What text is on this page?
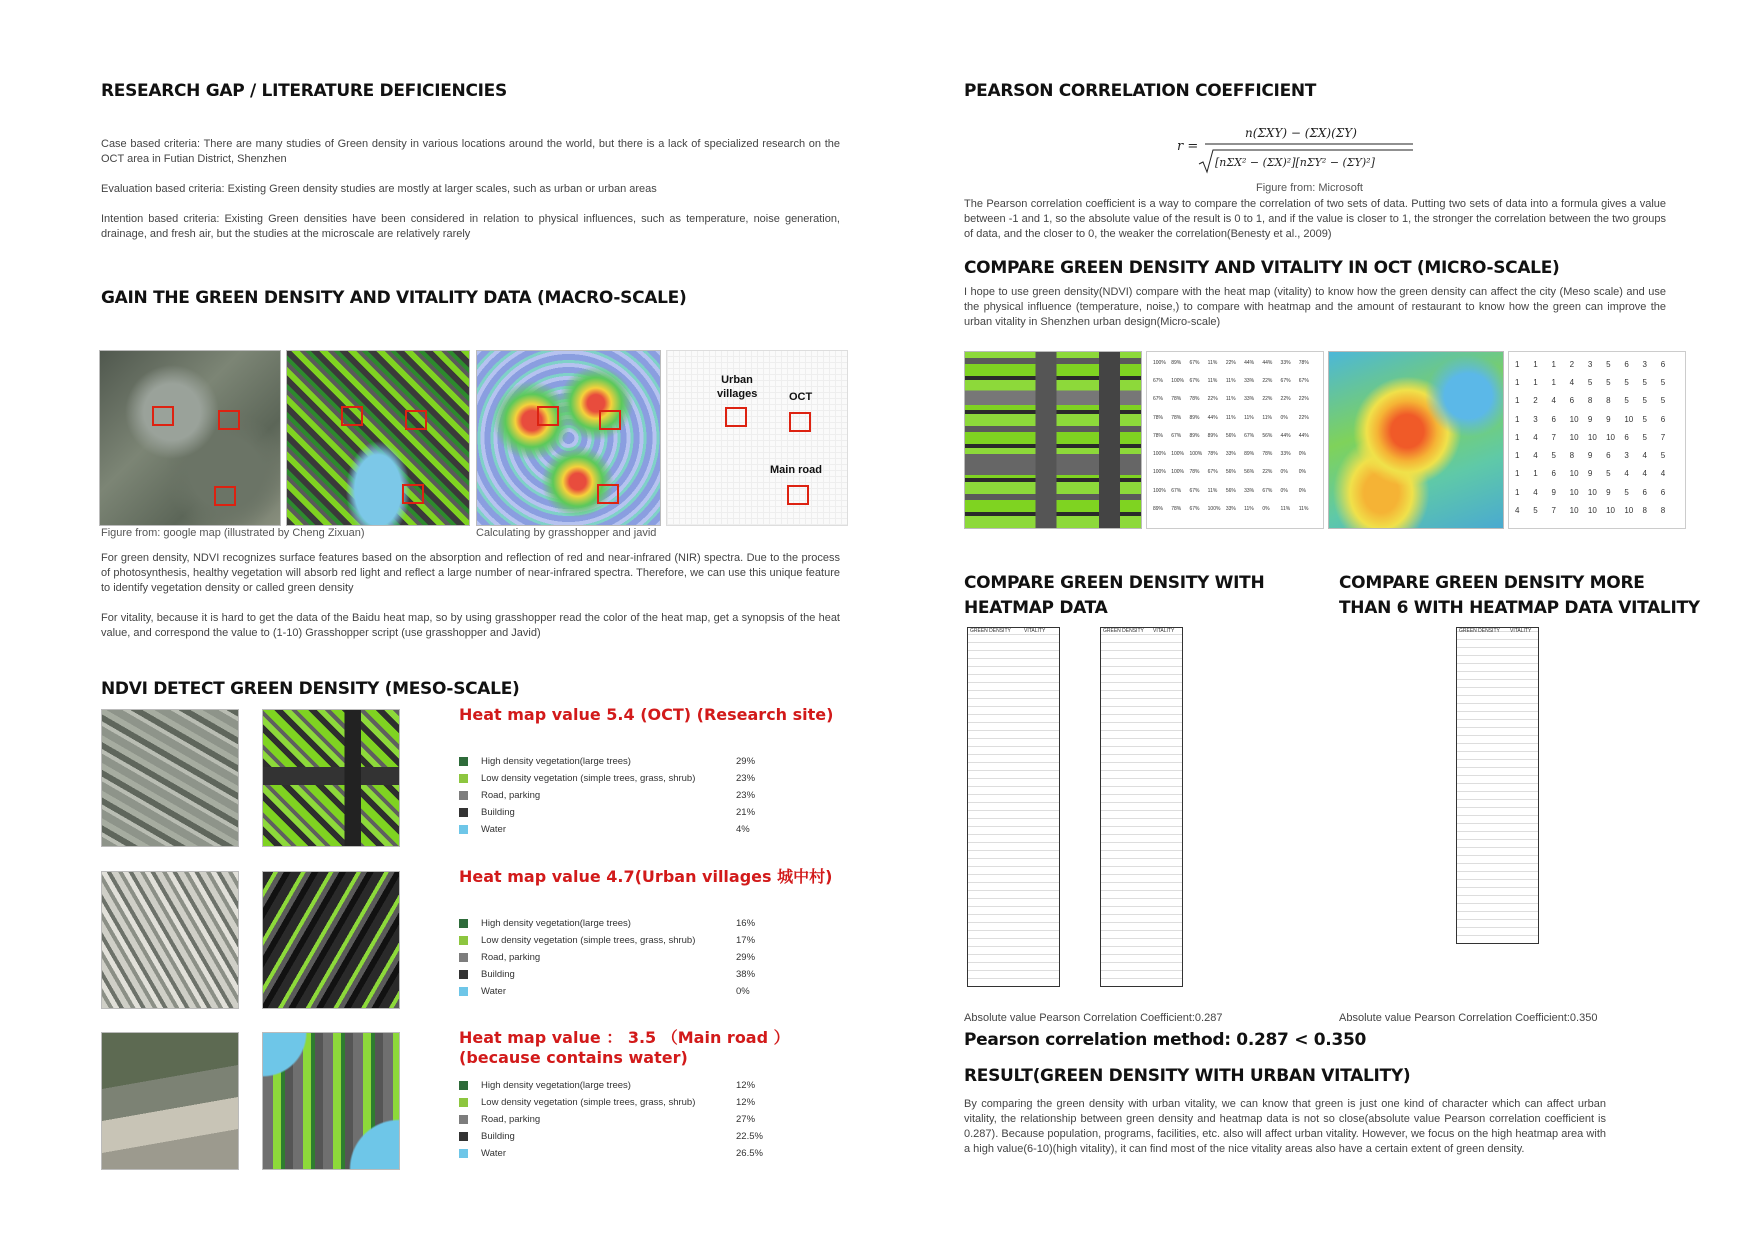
RESEARCH GAP / LITERATURE DEFICIENCIES

Case based criteria: There are many studies of Green density in various locations around the world, but there is a lack of specialized research on the OCT area in Futian District, Shenzhen

Evaluation based criteria: Existing Green density studies are mostly at larger scales, such as urban or urban areas

Intention based criteria: Existing Green densities have been considered in relation to physical influences, such as temperature, noise generation, drainage, and fresh air, but the studies at the microscale are relatively rarely

GAIN THE GREEN DENSITY AND VITALITY DATA (MACRO-SCALE)
Urban villages	OCT
Main road

Figure from: google map (illustrated by Cheng Zixuan)	Calculating by grasshopper and javid

For green density, NDVI recognizes surface features based on the absorption and reflection of red and near-infrared (NIR) spectra. Due to the process of photosynthesis, healthy vegetation will absorb red light and reflect a large number of near-infrared spectra. Therefore, we can use this unique feature to identify vegetation density or called green density

For vitality, because it is hard to get the data of the Baidu heat map, so by using grasshopper read the color of the heat map, get a synopsis of the heat value, and correspond the value to (1-10) Grasshopper script (use grasshopper and Javid)

NDVI DETECT GREEN DENSITY (MESO-SCALE)
Heat map value 5.4 (OCT) (Research site)
High density vegetation(large trees)	29%
Low density vegetation (simple trees, grass, shrub)	23%
Road, parking	23%
Building	21%
Water	4%
Heat map value 4.7(Urban villages 城中村)
High density vegetation(large trees)	16%
Low density vegetation (simple trees, grass, shrub)	17%
Road, parking	29%
Building	38%
Water	0%
Heat map value ： 3.5 （Main road ） (because contains water)
High density vegetation(large trees)	12%
Low density vegetation (simple trees, grass, shrub)	12%
Road, parking	27%
Building	22.5%
Water	26.5%
PEARSON CORRELATION COEFFICIENT
r =
n(ΣXY) − (ΣX)(ΣY)
[nΣX² − (ΣX)²][nΣY² − (ΣY)²]

Figure from: Microsoft

The Pearson correlation coefficient is a way to compare the correlation of two sets of data. Putting two sets of data into a formula gives a value between -1 and 1, so the absolute value of the result is 0 to 1, and if the value is closer to 1, the stronger the correlation between the two groups of data, and the closer to 0, the weaker the correlation(Benesty et al., 2009)

COMPARE GREEN DENSITY AND VITALITY IN OCT (MICRO-SCALE)

I hope to use green density(NDVI) compare with the heat map (vitality) to know how the green density can affect the city (Meso scale) and use the physical influence (temperature, noise,) to compare with heatmap and the amount of restaurant to know how the green can improve the urban vitality in Shenzhen urban design(Micro-scale)

100% 89% 67% 11% 22% 44% 44% 33% 78%
67% 100% 67% 11% 11% 33% 22% 67% 67%
67% 78% 78% 22% 11% 33% 22% 22% 22%
78% 78% 89% 44% 11% 11% 11% 0% 22%
78% 67% 89% 89% 56% 67% 56% 44% 44%
100% 100% 100% 78% 33% 89% 78% 33% 0%
100% 100% 78% 67% 56% 56% 22% 0% 0%
100% 67% 67% 11% 56% 33% 67% 0% 0%
89% 78% 67% 100% 33% 11% 0% 11% 11%
1 1 1 2 3 5 6 3 6
1 1 1 4 5 5 5 5 5
1 2 4 6 8 8 5 5 5
1 3 6 10 9 9 10 5 6
1 4 7 10 10 10 6 5 7
1 4 5 8 9 6 3 4 5
1 1 6 10 9 5 4 4 4
1 4 9 10 10 9 5 6 6
4 5 7 10 10 10 10 8 8
COMPARE GREEN DENSITY WITH
HEATMAP DATA
COMPARE GREEN DENSITY MORE
THAN 6 WITH HEATMAP DATA VITALITY
GREEN DENSITY	VITALITY	GREEN DENSITY VITALITY	GREEN DENSITY VITALITY

Absolute value Pearson Correlation Coefficient:0.287	Absolute value Pearson Correlation Coefficient:0.350

Pearson correlation method: 0.287 < 0.350
RESULT(GREEN DENSITY WITH URBAN VITALITY)

By comparing the green density with urban vitality, we can know that green is just one kind of character which can affect urban vitality, the relationship between green density and heatmap data is not so close(absolute value Pearson correlation coefficient is 0.287). Because population, programs, facilities, etc. also will affect urban vitality. However, we focus on the high heatmap area with a high value(6-10)(high vitality), it can find most of the nice vitality areas also have a certain extent of green density.
